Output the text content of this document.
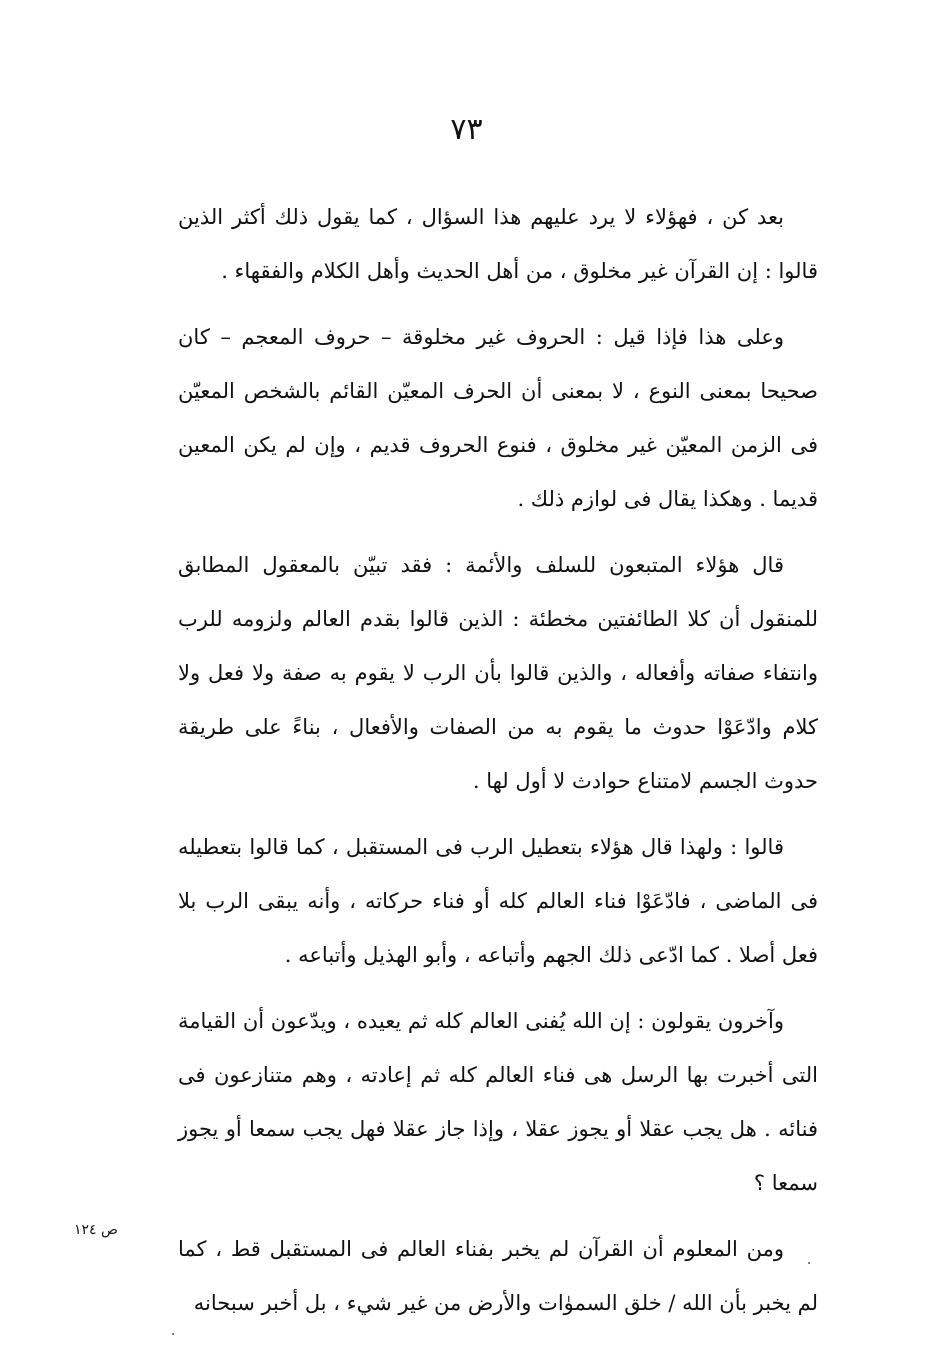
٧٣

بعد كن ، فهؤلاء لا يرد عليهم هذا السؤال ، كما يقول ذلك أكثر الذين قالوا : إن القرآن غير مخلوق ، من أهل الحديث وأهل الكلام والفقهاء .

وعلى هذا فإذا قيل : الحروف غير مخلوقة – حروف المعجم – كان صحيحا بمعنى النوع ، لا بمعنى أن الحرف المعيّن القائم بالشخص المعيّن فى الزمن المعيّن غير مخلوق ، فنوع الحروف قديم ، وإن لم يكن المعين قديما . وهكذا يقال فى لوازم ذلك .

قال هؤلاء المتبعون للسلف والأئمة : فقد تبيّن بالمعقول المطابق للمنقول أن كلا الطائفتين مخطئة : الذين قالوا بقدم العالم ولزومه للرب وانتفاء صفاته وأفعاله ، والذين قالوا بأن الرب لا يقوم به صفة ولا فعل ولا كلام وادّعَوْا حدوث ما يقوم به من الصفات والأفعال ، بناءً على طريقة حدوث الجسم لامتناع حوادث لا أول لها .

قالوا : ولهذا قال هؤلاء بتعطيل الرب فى المستقبل ، كما قالوا بتعطيله فى الماضى ، فادّعَوْا فناء العالم كله أو فناء حركاته ، وأنه يبقى الرب بلا فعل أصلا . كما ادّعى ذلك الجهم وأتباعه ، وأبو الهذيل وأتباعه .

وآخرون يقولون : إن الله يُفنى العالم كله ثم يعيده ، ويدّعون أن القيامة التى أخبرت بها الرسل هى فناء العالم كله ثم إعادته ، وهم متنازعون فى فنائه . هل يجب عقلا أو يجوز عقلا ، وإذا جاز عقلا فهل يجب سمعا أو يجوز سمعا ؟

ومن المعلوم أن القرآن لم يخبر بفناء العالم فى المستقبل قط ، كما لم يخبر بأن الله / خلق السموٰات والأرض من غير شيء ، بل أخبر سبحانه

ص ١٢٤
